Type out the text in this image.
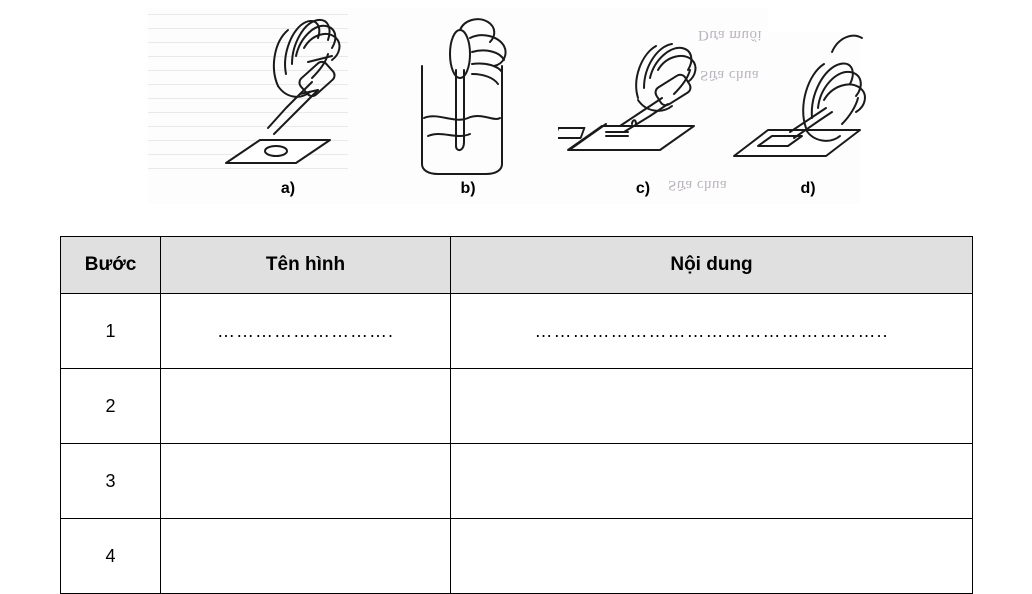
Dưa muối
Sữa chua
Sữa chua
a)	b)	c)	d)
Bước	Tên hình	Nội dung
1	……………………….	………………………………………………..
2		
3		
4		
